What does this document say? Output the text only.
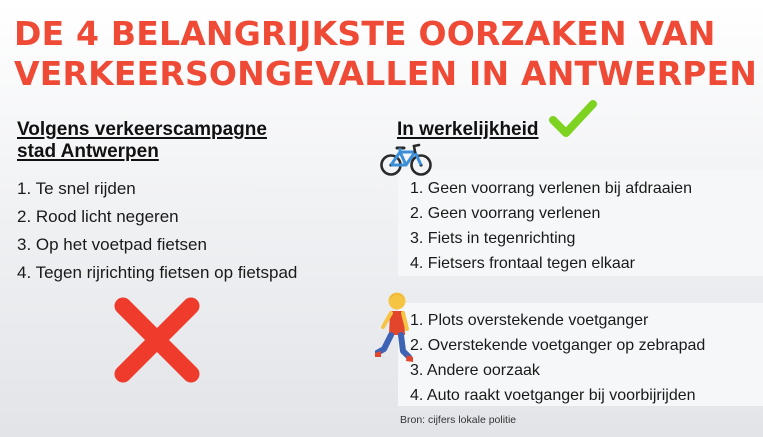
DE 4 BELANGRIJKSTE OORZAKEN VAN
VERKEERSONGEVALLEN IN ANTWERPEN
Volgens verkeerscampagne
stad Antwerpen
1. Te snel rijden
2. Rood licht negeren
3. Op het voetpad fietsen
4. Tegen rijrichting fietsen op fietspad
In werkelijkheid
1. Geen voorrang verlenen bij afdraaien
2. Geen voorrang verlenen
3. Fiets in tegenrichting
4. Fietsers frontaal tegen elkaar
1. Plots overstekende voetganger
2. Overstekende voetganger op zebrapad
3. Andere oorzaak
4. Auto raakt voetganger bij voorbijrijden
Bron: cijfers lokale politie
